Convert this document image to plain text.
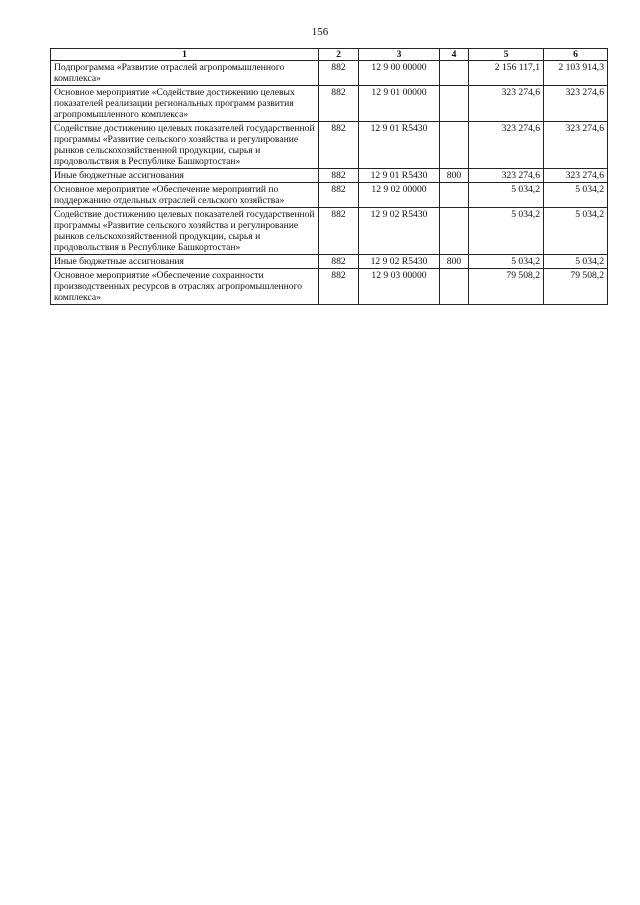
156
1	2	3	4	5	6
Подпрограмма «Развитие отраслей агропромышленного комплекса»	882	12 9 00 00000		2 156 117,1	2 103 914,3
Основное мероприятие «Содействие достижению целевых показателей реализации региональных программ развития агропромышленного комплекса»	882	12 9 01 00000		323 274,6	323 274,6
Содействие достижению целевых показателей государственной программы «Развитие сельского хозяйства и регулирование рынков сельскохозяйственной продукции, сырья и продовольствия в Республике Башкортостан»	882	12 9 01 R5430		323 274,6	323 274,6
Иные бюджетные ассигнования	882	12 9 01 R5430	800	323 274,6	323 274,6
Основное мероприятие «Обеспечение мероприятий по поддержанию отдельных отраслей сельского хозяйства»	882	12 9 02 00000		5 034,2	5 034,2
Содействие достижению целевых показателей государственной программы «Развитие сельского хозяйства и регулирование рынков сельскохозяйственной продукции, сырья и продовольствия в Республике Башкортостан»	882	12 9 02 R5430		5 034,2	5 034,2
Иные бюджетные ассигнования	882	12 9 02 R5430	800	5 034,2	5 034,2
Основное мероприятие «Обеспечение сохранности производственных ресурсов в отраслях агропромышленного комплекса»	882	12 9 03 00000		79 508,2	79 508,2
